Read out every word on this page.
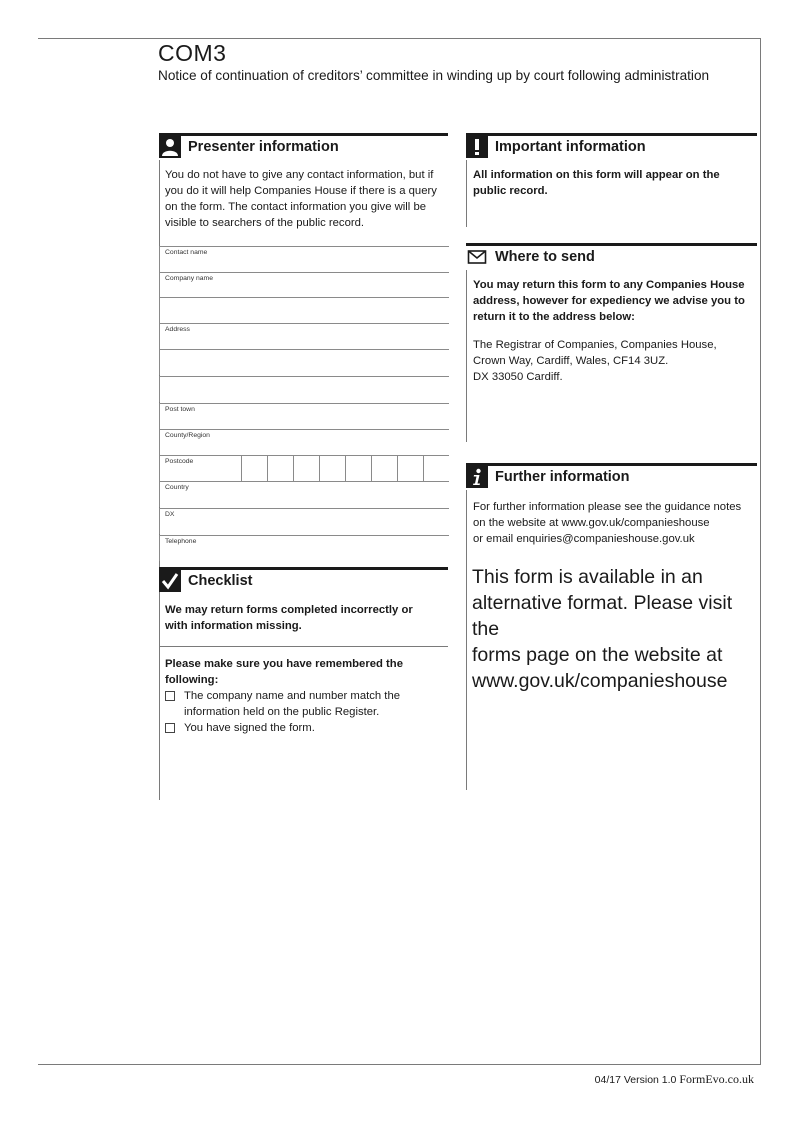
COM3
Notice of continuation of creditors’ committee in winding up by court following administration
Presenter information
You do not have to give any contact information, but if
you do it will help Companies House if there is a query
on the form. The contact information you give will be
visible to searchers of the public record.
Contact name
Company name
Address
Post town
County/Region
Postcode
Country
DX
Telephone
Checklist
We may return forms completed incorrectly or
with information missing.
Please make sure you have remembered the
following:
The company name and number match the
information held on the public Register.
You have signed the form.
Important information
All information on this form will appear on the
public record.
Where to send
You may return this form to any Companies House
address, however for expediency we advise you to
return it to the address below:
The Registrar of Companies, Companies House,
Crown Way, Cardiff, Wales, CF14 3UZ.
DX 33050 Cardiff.
Further information
For further information please see the guidance notes
on the website at www.gov.uk/companieshouse
or email enquiries@companieshouse.gov.uk
This form is available in an
alternative format. Please visit the
forms page on the website at
www.gov.uk/companieshouse
04/17 Version 1.0 FormEvo.co.uk
